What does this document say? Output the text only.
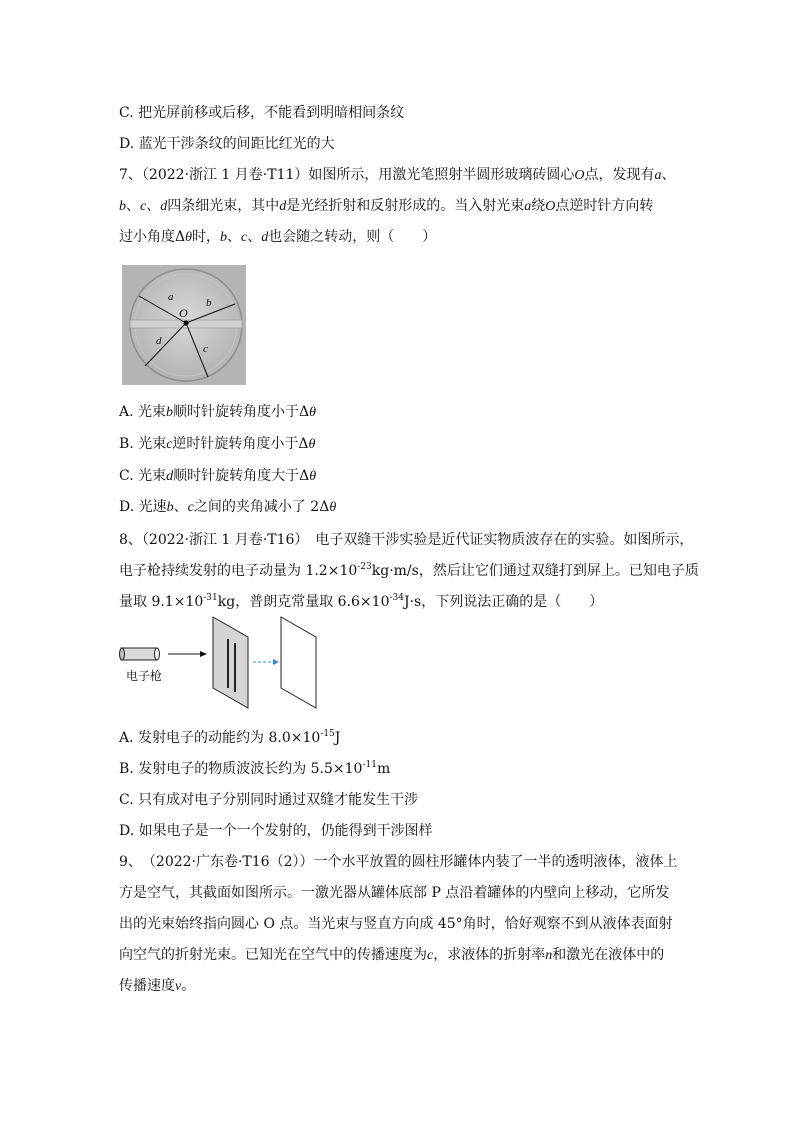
C. 把光屏前移或后移，不能看到明暗相间条纹
D. 蓝光干涉条纹的间距比红光的大
7、（2022·浙江 1 月卷·T11）如图所示，用激光笔照射半圆形玻璃砖圆心O点，发现有a、
b、c、d四条细光束，其中d是光经折射和反射形成的。当入射光束a绕O点逆时针方向转
过小角度Δθ时，b、c、d也会随之转动，则（　　）
a	b
O
c
d
A. 光束b顺时针旋转角度小于Δθ
B. 光束c逆时针旋转角度小于Δθ
C. 光束d顺时针旋转角度大于Δθ
D. 光速b、c之间的夹角减小了 2Δθ
8、（2022·浙江 1 月卷·T16）　电子双缝干涉实验是近代证实物质波存在的实验。如图所示，
电子枪持续发射的电子动量为 $1.2\times 10^{-23}kg\cdot m/s$，然后让它们通过双缝打到屏上。已知电子质
量取 $9.1\times 10^{-31}kg$，普朗克常量取 $6.6\times 10^{-34}J\cdot s$，下列说法正确的是（　　）
电子枪
A. 发射电子的动能约为 $8.0\times 10^{-15}J$
B. 发射电子的物质波波长约为 $5.5\times 10^{-11}m$
C. 只有成对电子分别同时通过双缝才能发生干涉
D. 如果电子是一个一个发射的，仍能得到干涉图样
9、　（2022·广东卷·T16（2））一个水平放置的圆柱形罐体内装了一半的透明液体，液体上
方是空气，其截面如图所示。一激光器从罐体底部 P 点沿着罐体的内壁向上移动，它所发
出的光束始终指向圆心 O 点。当光束与竖直方向成 45°角时，恰好观察不到从液体表面射
向空气的折射光束。已知光在空气中的传播速度为c，求液体的折射率n和激光在液体中的
传播速度v。
